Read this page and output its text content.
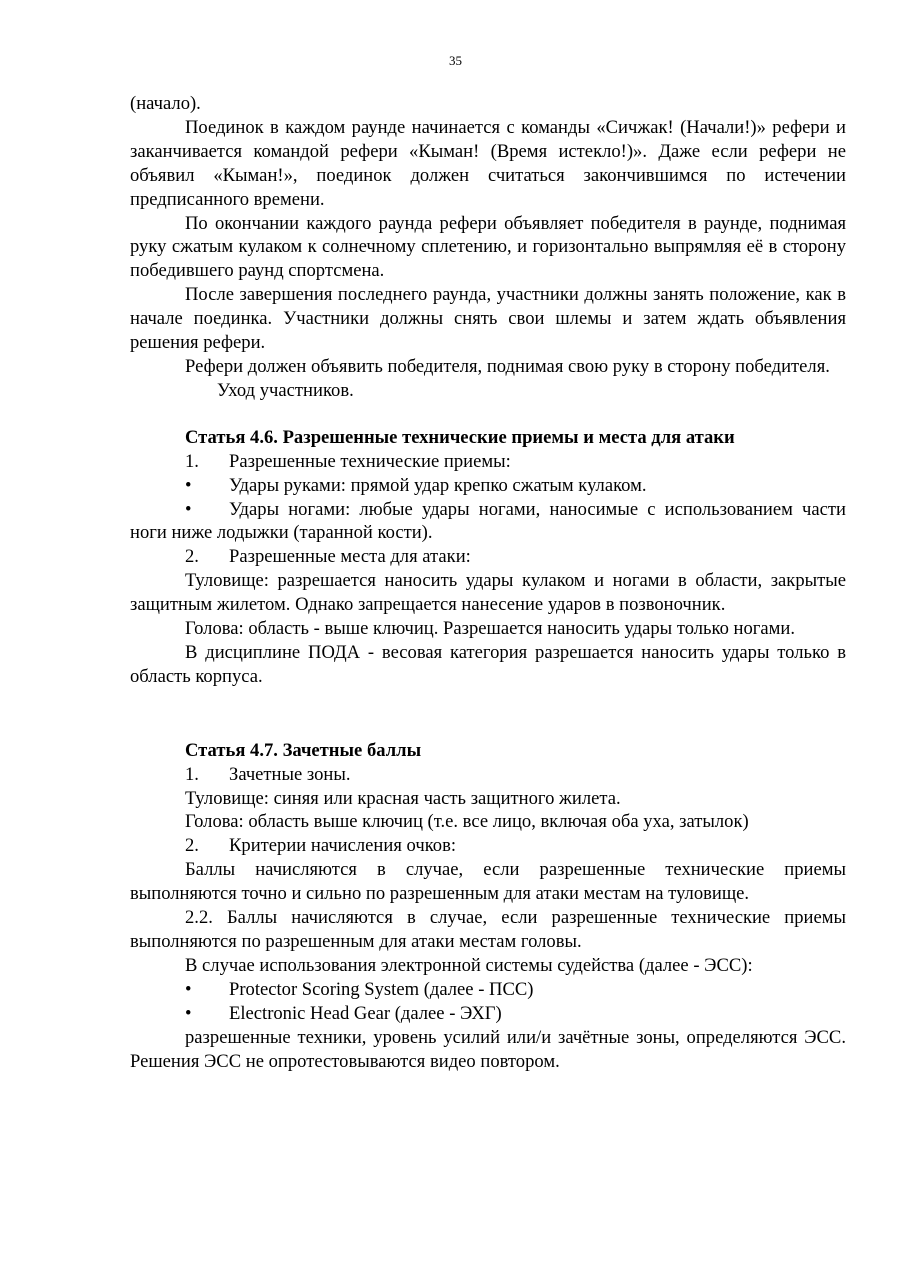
35

(начало).

Поединок в каждом раунде начинается с команды «Сичжак! (Начали!)» рефери и заканчивается командой рефери «Кыман! (Время истекло!)». Даже если рефери не объявил «Кыман!», поединок должен считаться закончившимся по истечении предписанного времени.

По окончании каждого раунда рефери объявляет победителя в раунде, поднимая руку сжатым кулаком к солнечному сплетению, и горизонтально выпрямляя её в сторону победившего раунд спортсмена.

После завершения последнего раунда, участники должны занять положение, как в начале поединка. Участники должны снять свои шлемы и затем ждать объявления решения рефери.

Рефери должен объявить победителя, поднимая свою руку в сторону победителя.

Уход участников.

Статья 4.6. Разрешенные технические приемы и места для атаки

1. Разрешенные технические приемы:

• Удары руками: прямой удар крепко сжатым кулаком.

• Удары ногами: любые удары ногами, наносимые с использованием части ноги ниже лодыжки (таранной кости).

2. Разрешенные места для атаки:

Туловище: разрешается наносить удары кулаком и ногами в области, закрытые защитным жилетом. Однако запрещается нанесение ударов в позвоночник.

Голова: область - выше ключиц. Разрешается наносить удары только ногами.

В дисциплине ПОДА - весовая категория разрешается наносить удары только в область корпуса.

Статья 4.7. Зачетные баллы

1. Зачетные зоны.

Туловище: синяя или красная часть защитного жилета.

Голова: область выше ключиц (т.е. все лицо, включая оба уха, затылок)

2. Критерии начисления очков:

Баллы начисляются в случае, если разрешенные технические приемы выполняются точно и сильно по разрешенным для атаки местам на туловище.

2.2. Баллы начисляются в случае, если разрешенные технические приемы выполняются по разрешенным для атаки местам головы.

В случае использования электронной системы судейства (далее - ЭСС):

• Protector Scoring System (далее - ПСС)

• Electronic Head Gear (далее - ЭХГ)

разрешенные техники, уровень усилий или/и зачётные зоны, определяются ЭСС. Решения ЭСС не опротестовываются видео повтором.
